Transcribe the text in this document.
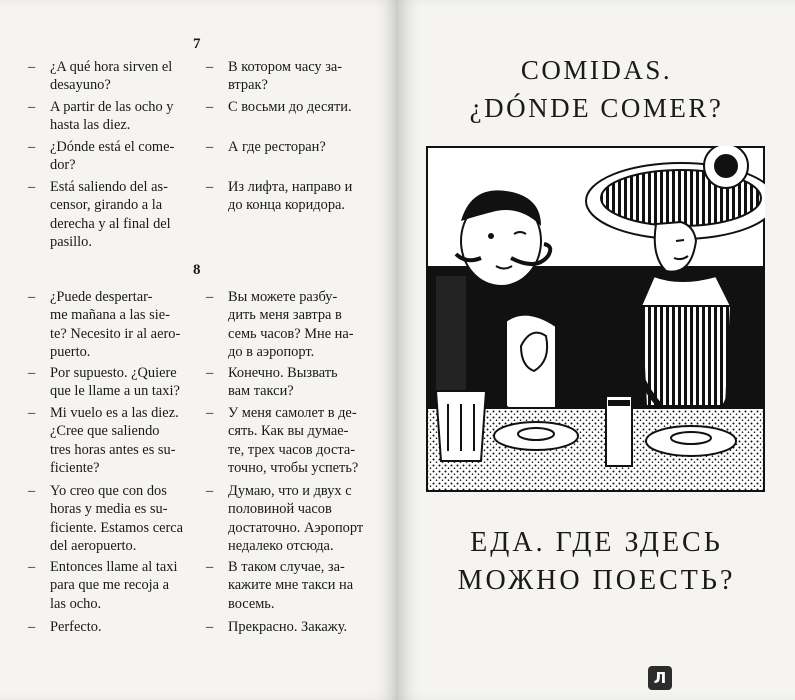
7
– ¿A qué hora sirven el
desayuno?
– В котором часу за-
втрак?
– A partir de las ocho y
hasta las diez.
– С восьми до десяти.
– ¿Dónde está el come-
dor?
– А где ресторан?
– Está saliendo del as-
censor, girando a la
derecha y al final del
pasillo.
– Из лифта, направо и
до конца коридора.
8
– ¿Puede despertar-
me mañana a las sie-
te? Necesito ir al aero-
puerto.
– Вы можете разбу-
дить меня завтра в
семь часов? Мне на-
до в аэропорт.
– Por supuesto. ¿Quiere
que le llame a un taxi?
– Конечно. Вызвать
вам такси?
– Mi vuelo es a las diez.
¿Cree que saliendo
tres horas antes es su-
ficiente?
– У меня самолет в де-
сять. Как вы думае-
те, трех часов доста-
точно, чтобы успеть?
– Yo creo que con dos
horas y media es su-
ficiente. Estamos cerca
del aeropuerto.
– Думаю, что и двух с
половиной часов
достаточно. Аэропорт
недалеко отсюда.
– Entonces llame al taxi
para que me recoja a
las ocho.
– В таком случае, за-
кажите мне такси на
восемь.
– Perfecto.	– Прекрасно. Закажу.
COMIDAS.
¿DÓNDE COMER?
ЕДА. ГДЕ ЗДЕСЬ
МОЖНО ПОЕСТЬ?
Л
